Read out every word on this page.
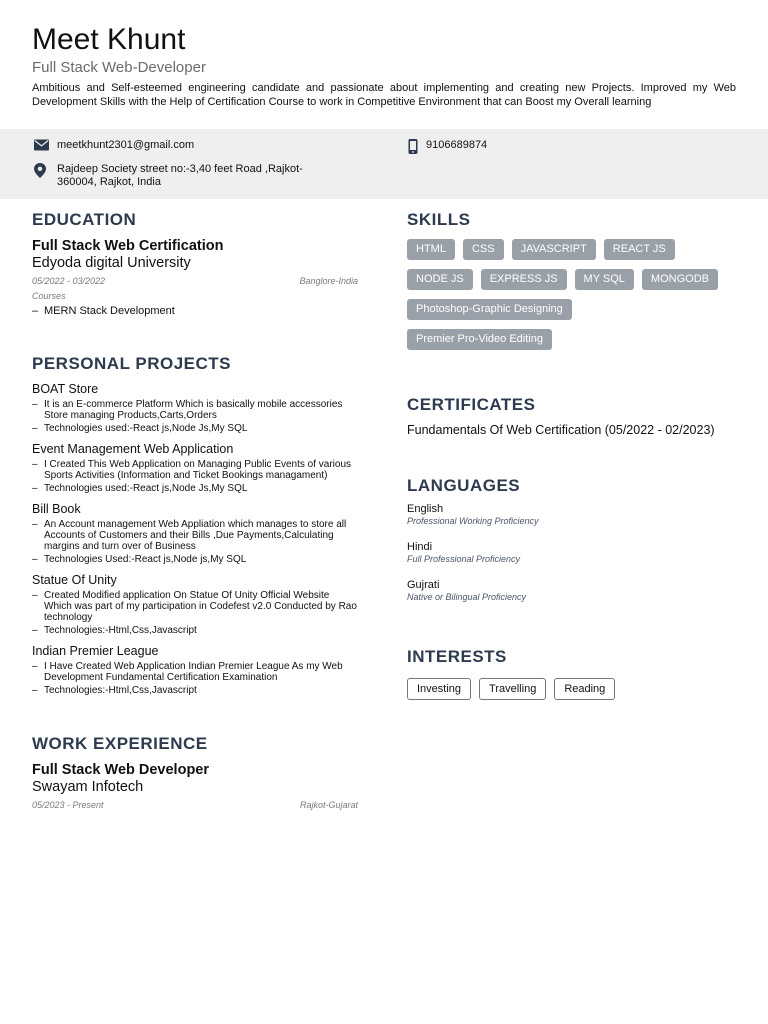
Meet Khunt
Full Stack Web-Developer
Ambitious and Self-esteemed engineering candidate and passionate about implementing and creating new Projects. Improved my Web Development Skills with the Help of Certification Course to work in Competitive Environment that can Boost my Overall learning
meetkhunt2301@gmail.com	9106689874
Rajdeep Society street no:-3,40 feet Road ,Rajkot-360004, Rajkot, India
EDUCATION
Full Stack Web Certification
Edyoda digital University
05/2022 - 03/2022	Banglore-India
Courses
– MERN Stack Development
PERSONAL PROJECTS
BOAT Store
– It is an E-commerce Platform Which is basically mobile accessories Store managing Products,Carts,Orders
– Technologies used:-React js,Node Js,My SQL
Event Management Web Application
– I Created This Web Application on Managing Public Events of various Sports Activities (Information and Ticket Bookings managament)
– Technologies used:-React js,Node Js,My SQL
Bill Book
– An Account management Web Appliation which manages to store all Accounts of Customers and their Bills ,Due Payments,Calculating margins and turn over of Business
– Technologies Used:-React js,Node js,My SQL
Statue Of Unity
– Created Modified application On Statue Of Unity Official Website Which was part of my participation in Codefest v2.0 Conducted by Rao technology
– Technologies:-Html,Css,Javascript
Indian Premier League
– I Have Created Web Application Indian Premier League As my Web Development Fundamental Certification Examination
– Technologies:-Html,Css,Javascript
WORK EXPERIENCE
Full Stack Web Developer
Swayam Infotech
05/2023 - Present	Rajkot-Gujarat
SKILLS
HTML	CSS	JAVASCRIPT	REACT JS
NODE JS	EXPRESS JS	MY SQL	MONGODB
Photoshop-Graphic Designing
Premier Pro-Video Editing
CERTIFICATES
Fundamentals Of Web Certification (05/2022 - 02/2023)
LANGUAGES
English
Professional Working Proficiency
Hindi
Full Professional Proficiency
Gujrati
Native or Bilingual Proficiency
INTERESTS
Investing	Travelling	Reading
